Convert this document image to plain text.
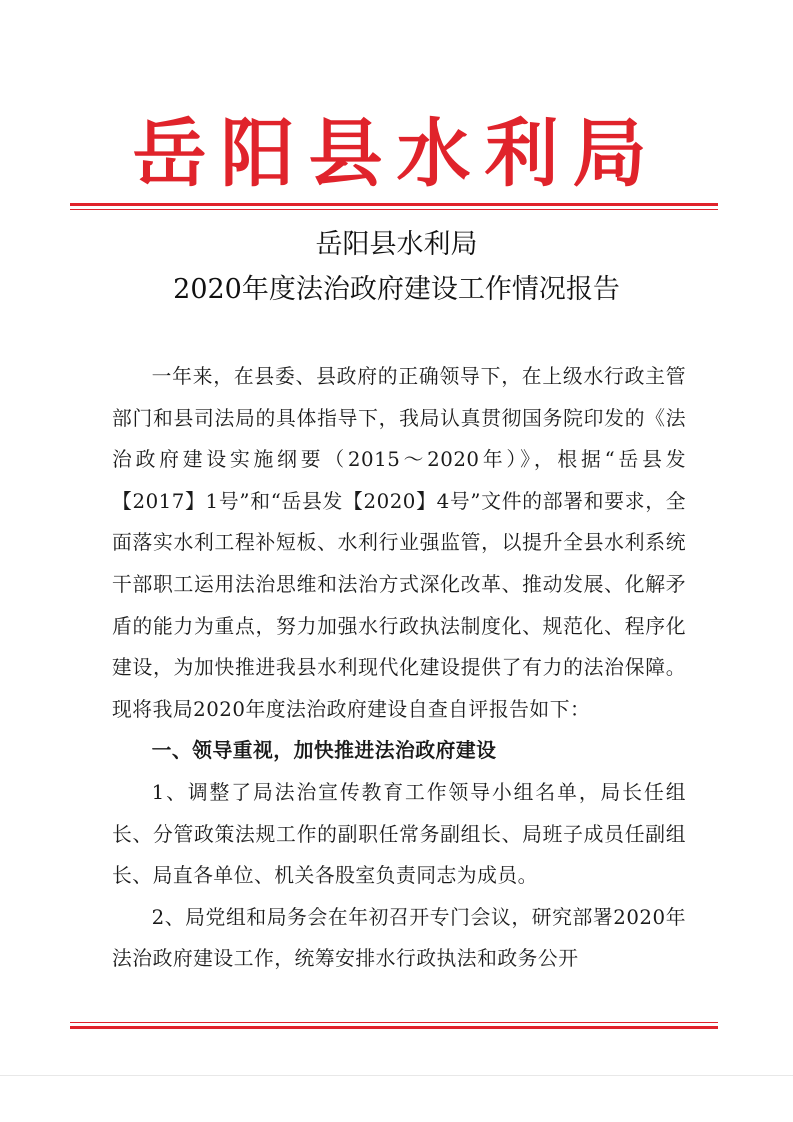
岳阳县水利局
岳阳县水利局
2020年度法治政府建设工作情况报告

一年来，在县委、县政府的正确领导下，在上级水行政主管部门和县司法局的具体指导下，我局认真贯彻国务院印发的《法治政府建设实施纲要（2015～2020年）》，根据“岳县发【2017】1号”和“岳县发【2020】4号”文件的部署和要求，全面落实水利工程补短板、水利行业强监管，以提升全县水利系统干部职工运用法治思维和法治方式深化改革、推动发展、化解矛盾的能力为重点，努力加强水行政执法制度化、规范化、程序化建设，为加快推进我县水利现代化建设提供了有力的法治保障。现将我局2020年度法治政府建设自查自评报告如下：

一、领导重视，加快推进法治政府建设

1、调整了局法治宣传教育工作领导小组名单，局长任组长、分管政策法规工作的副职任常务副组长、局班子成员任副组长、局直各单位、机关各股室负责同志为成员。

2、局党组和局务会在年初召开专门会议，研究部署2020年法治政府建设工作，统筹安排水行政执法和政务公开
